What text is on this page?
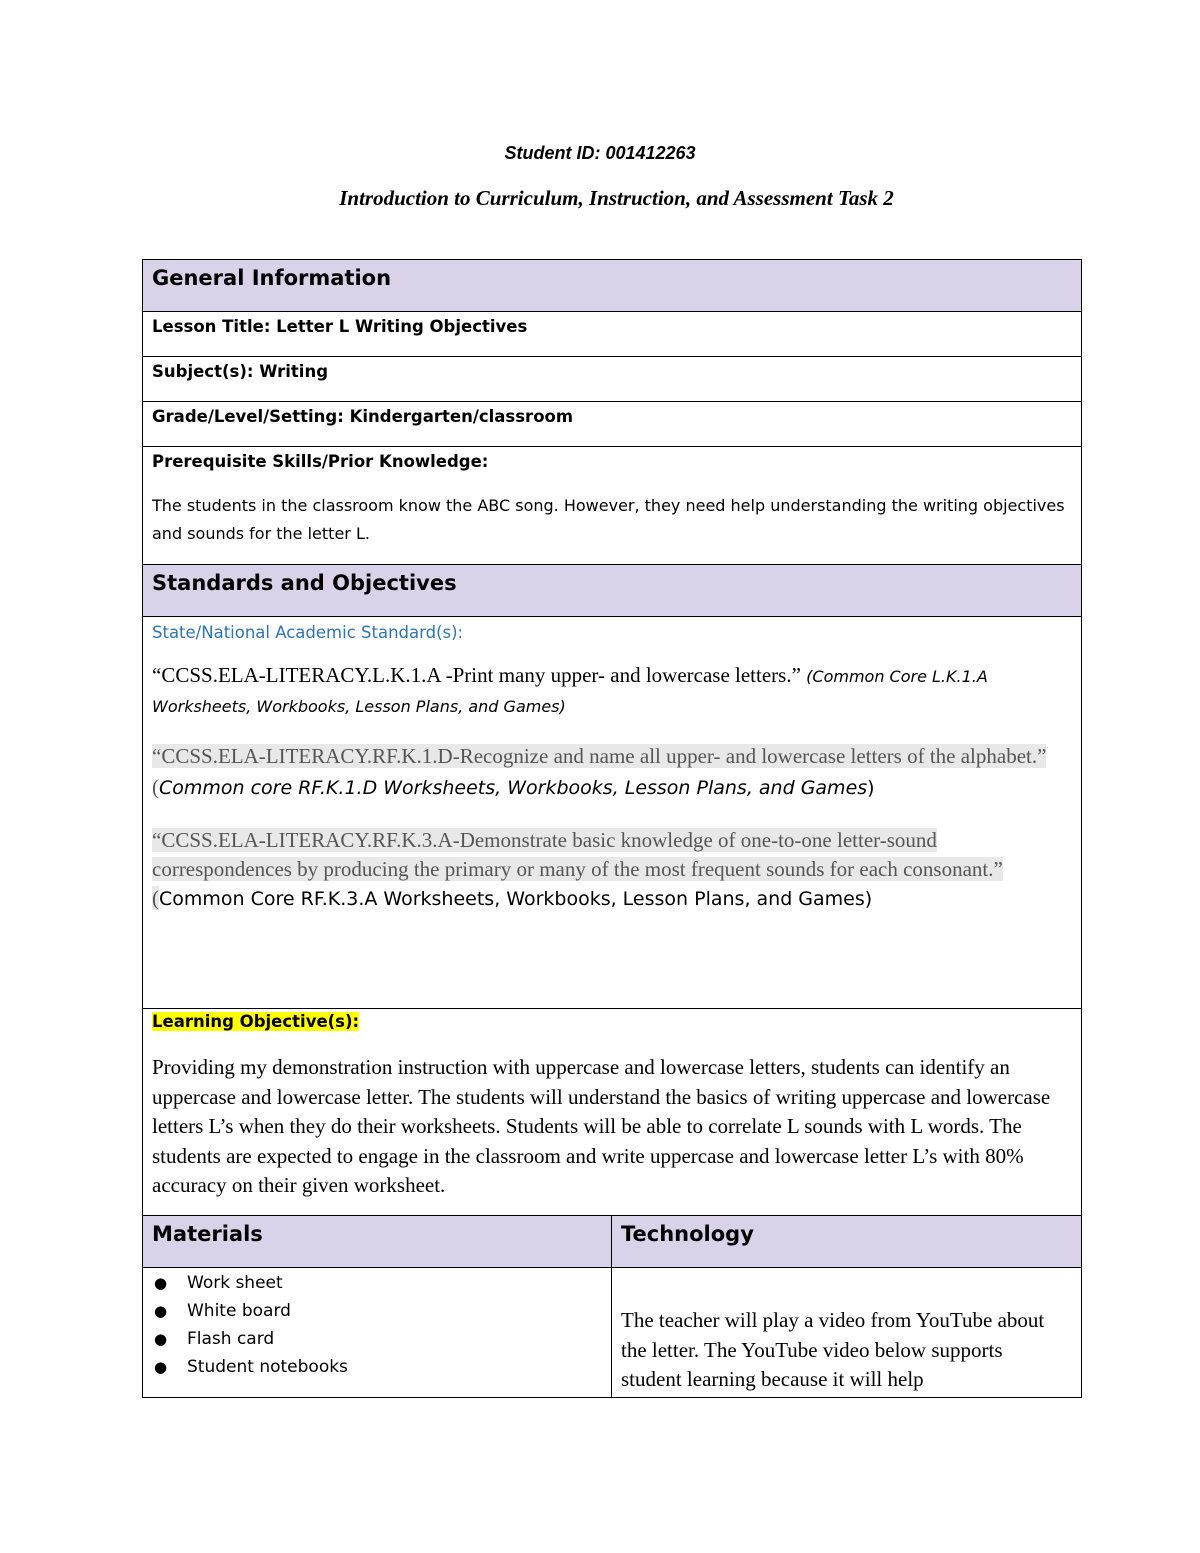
Student ID: 001412263
Introduction to Curriculum, Instruction, and Assessment Task 2
General Information
Lesson Title: Letter L Writing Objectives
Subject(s): Writing
Grade/Level/Setting: Kindergarten/classroom
Prerequisite Skills/Prior Knowledge:
The students in the classroom know the ABC song. However, they need help understanding the writing objectives and sounds for the letter L.
Standards and Objectives
State/National Academic Standard(s):
“CCSS.ELA-LITERACY.L.K.1.A -Print many upper- and lowercase letters.” (Common Core L.K.1.A Worksheets, Workbooks, Lesson Plans, and Games)
“CCSS.ELA-LITERACY.RF.K.1.D-Recognize and name all upper- and lowercase letters of the alphabet.” (Common core RF.K.1.D Worksheets, Workbooks, Lesson Plans, and Games)
“CCSS.ELA-LITERACY.RF.K.3.A-Demonstrate basic knowledge of one-to-one letter-sound correspondences by producing the primary or many of the most frequent sounds for each consonant.” (Common Core RF.K.3.A Worksheets, Workbooks, Lesson Plans, and Games)
Learning Objective(s):
Providing my demonstration instruction with uppercase and lowercase letters, students can identify an uppercase and lowercase letter. The students will understand the basics of writing uppercase and lowercase letters L’s when they do their worksheets. Students will be able to correlate L sounds with L words. The students are expected to engage in the classroom and write uppercase and lowercase letter L’s with 80% accuracy on their given worksheet.
Materials	Technology
● Work sheet
● White board
● Flash card
● Student notebooks
The teacher will play a video from YouTube about the letter. The YouTube video below supports student learning because it will help
